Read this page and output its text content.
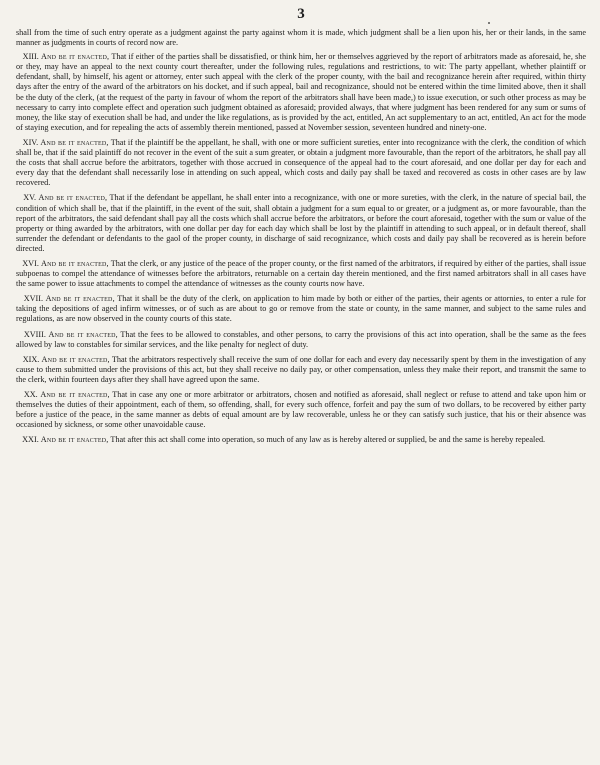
3

shall from the time of such entry operate as a judgment against the party against whom it is made, which judgment shall be a lien upon his, her or their lands, in the same manner as judgments in courts of record now are.

XIII. And be it enacted, That if either of the parties shall be dissatisfied, or think him, her or themselves aggrieved by the report of arbitrators made as aforesaid, he, she or they, may have an appeal to the next county court thereafter, under the following rules, regulations and restrictions, to wit: The party appellant, whether plaintiff or defendant, shall, by himself, his agent or attorney, enter such appeal with the clerk of the proper county, with the bail and recognizance herein after required, within thirty days after the entry of the award of the arbitrators on his docket, and if such appeal, bail and recognizance, should not be entered within the time limited above, then it shall be the duty of the clerk, (at the request of the party in favour of whom the report of the arbitrators shall have been made,) to issue execution, or such other process as may be necessary to carry into complete effect and operation such judgment obtained as aforesaid; provided always, that where judgment has been rendered for any sum or sums of money, the like stay of execution shall be had, and under the like regulations, as is provided by the act, entitled, An act supplementary to an act, entitled, An act for the mode of staying execution, and for repealing the acts of assembly therein mentioned, passed at November session, seventeen hundred and ninety-one.

XIV. And be it enacted, That if the plaintiff be the appellant, he shall, with one or more sufficient sureties, enter into recognizance with the clerk, the condition of which shall be, that if the said plaintiff do not recover in the event of the suit a sum greater, or obtain a judgment more favourable, than the report of the arbitrators, he shall pay all the costs that shall accrue before the arbitrators, together with those accrued in consequence of the appeal had to the court aforesaid, and one dollar per day for each and every day that the defendant shall necessarily lose in attending on such appeal, which costs and daily pay shall be taxed and recovered as costs in other cases are by law recovered.

XV. And be it enacted, That if the defendant be appellant, he shall enter into a recognizance, with one or more sureties, with the clerk, in the nature of special bail, the condition of which shall be, that if the plaintiff, in the event of the suit, shall obtain a judgment for a sum equal to or greater, or a judgment as, or more favourable, than the report of the arbitrators, the said defendant shall pay all the costs which shall accrue before the arbitrators, or before the court aforesaid, together with the sum or value of the property or thing awarded by the arbitrators, with one dollar per day for each day which shall be lost by the plaintiff in attending to such appeal, or in default thereof, shall surrender the defendant or defendants to the gaol of the proper county, in discharge of said recognizance, which costs and daily pay shall be recovered as is herein before directed.

XVI. And be it enacted, That the clerk, or any justice of the peace of the proper county, or the first named of the arbitrators, if required by either of the parties, shall issue subpoenas to compel the attendance of witnesses before the arbitrators, returnable on a certain day therein mentioned, and the first named arbitrators shall in all cases have the same power to issue attachments to compel the attendance of witnesses as the county courts now have.

XVII. And be it enacted, That it shall be the duty of the clerk, on application to him made by both or either of the parties, their agents or attornies, to enter a rule for taking the depositions of aged infirm witnesses, or of such as are about to go or remove from the state or county, in the same manner, and subject to the same rules and regulations, as are now observed in the county courts of this state.

XVIII. And be it enacted, That the fees to be allowed to constables, and other persons, to carry the provisions of this act into operation, shall be the same as the fees allowed by law to constables for similar services, and the like penalty for neglect of duty.

XIX. And be it enacted, That the arbitrators respectively shall receive the sum of one dollar for each and every day necessarily spent by them in the investigation of any cause to them submitted under the provisions of this act, but they shall receive no daily pay, or other compensation, unless they make their report, and transmit the same to the clerk, within fourteen days after they shall have agreed upon the same.

XX. And be it enacted, That in case any one or more arbitrator or arbitrators, chosen and notified as aforesaid, shall neglect or refuse to attend and take upon him or themselves the duties of their appointment, each of them, so offending, shall, for every such offence, forfeit and pay the sum of two dollars, to be recovered by either party before a justice of the peace, in the same manner as debts of equal amount are by law recoverable, unless he or they can satisfy such justice, that his or their absence was occasioned by sickness, or some other unavoidable cause.

XXI. And be it enacted, That after this act shall come into operation, so much of any law as is hereby altered or supplied, be and the same is hereby repealed.
